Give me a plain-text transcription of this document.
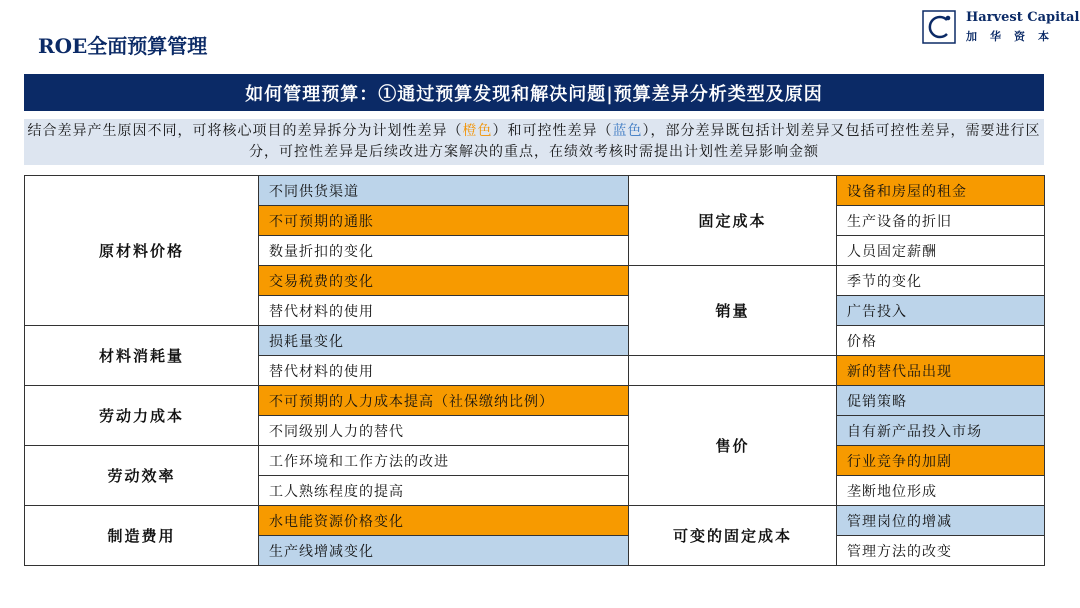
ROE全面预算管理
Harvest Capital
加华资本
如何管理预算：①通过预算发现和解决问题|预算差异分析类型及原因
结合差异产生原因不同，可将核心项目的差异拆分为计划性差异（橙色）和可控性差异（蓝色），部分差异既包括计划差异又包括可控性差异，需要进行区分，可控性差异是后续改进方案解决的重点，在绩效考核时需提出计划性差异影响金额
原材料价格	不同供货渠道	固定成本	设备和房屋的租金
	不可预期的通胀		生产设备的折旧
	数量折扣的变化		人员固定薪酬
	交易税费的变化	销量	季节的变化
	替代材料的使用		广告投入
材料消耗量	损耗量变化		价格
	替代材料的使用		新的替代品出现
劳动力成本	不可预期的人力成本提高（社保缴纳比例）	售价	促销策略
	不同级别人力的替代		自有新产品投入市场
劳动效率	工作环境和工作方法的改进		行业竞争的加剧
	工人熟练程度的提高		垄断地位形成
制造费用	水电能资源价格变化	可变的固定成本	管理岗位的增减
	生产线增减变化		管理方法的改变
